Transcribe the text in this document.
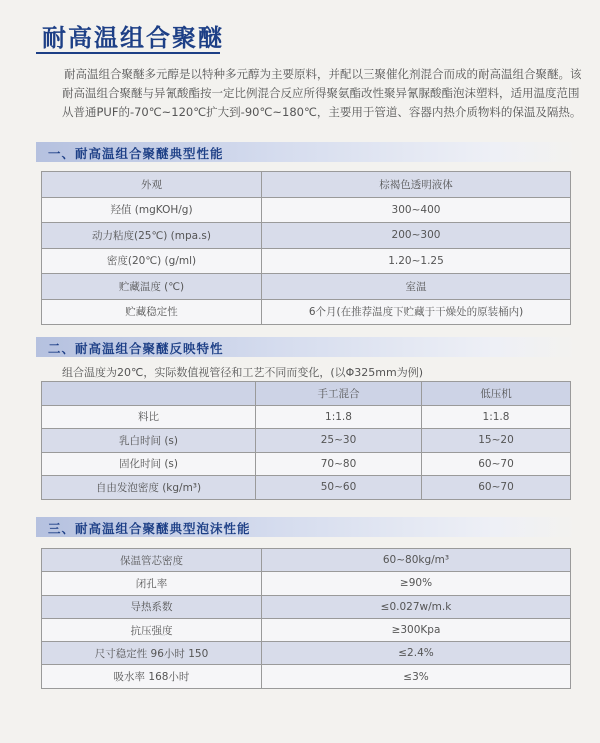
耐高温组合聚醚

耐高温组合聚醚多元醇是以特种多元醇为主要原料，并配以三聚催化剂混合而成的耐高温组合聚醚。该耐高温组合聚醚与异氰酸酯按一定比例混合反应所得聚氨酯改性聚异氰脲酸酯泡沫塑料，适用温度范围从普通PUF的-70℃~120℃扩大到-90℃~180℃，主要用于管道、容器内热介质物料的保温及隔热。

一、耐高温组合聚醚典型性能
外观	棕褐色透明液体
羟值 (mgKOH/g)	300~400
动力粘度(25℃) (mpa.s)	200~300
密度(20℃) (g/ml)	1.20~1.25
贮藏温度 (℃)	室温
贮藏稳定性	6个月(在推荐温度下贮藏于干燥处的原装桶内)
二、耐高温组合聚醚反映特性
组合温度为20℃，实际数值视管径和工艺不同而变化，(以Φ325mm为例)
	手工混合	低压机
料比	1:1.8	1:1.8
乳白时间 (s)	25~30	15~20
固化时间 (s)	70~80	60~70
自由发泡密度 (kg/m³)	50~60	60~70
三、耐高温组合聚醚典型泡沫性能
保温管芯密度	60~80kg/m³
闭孔率	≥90%
导热系数	≤0.027w/m.k
抗压强度	≥300Kpa
尺寸稳定性 96小时 150	≤2.4%
吸水率 168小时	≤3%
